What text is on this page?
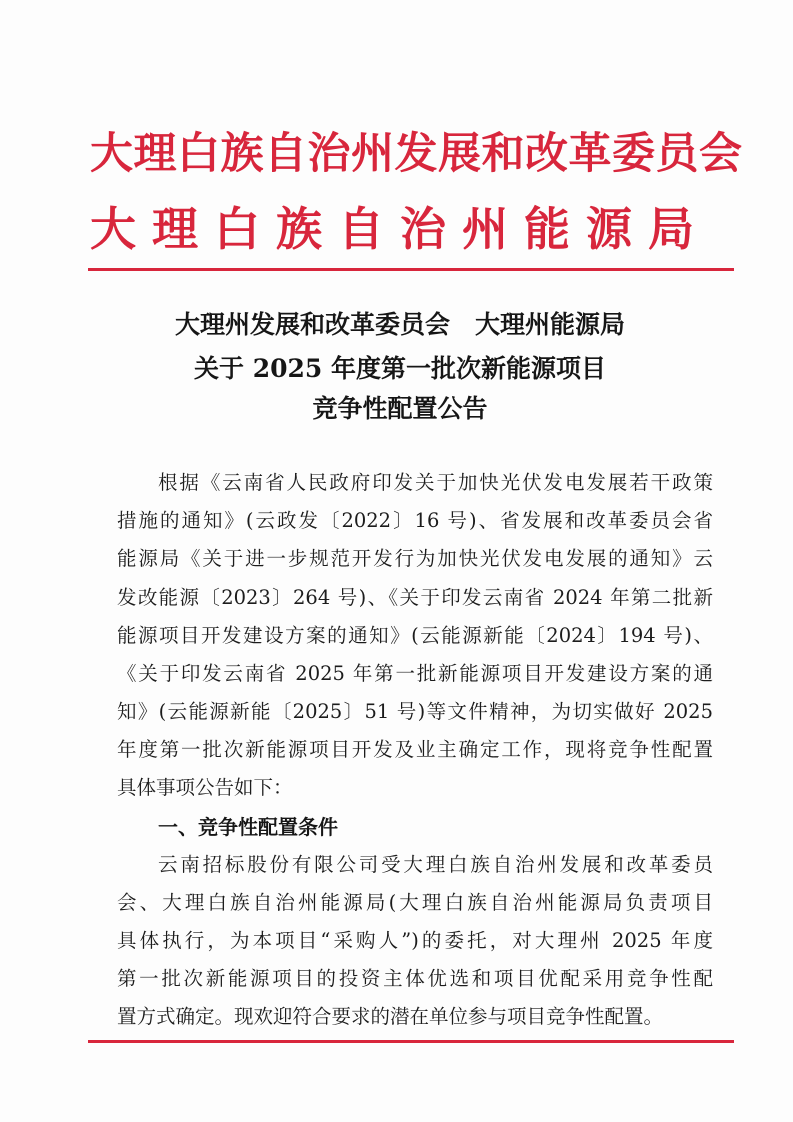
大理白族自治州发展和改革委员会
大理白族自治州能源局
大理州发展和改革委员会　大理州能源局
关于 2025 年度第一批次新能源项目
竞争性配置公告
根据《云南省人民政府印发关于加快光伏发电发展若干政策
措施的通知》(云政发〔2022〕16 号)、省发展和改革委员会省
能源局《关于进一步规范开发行为加快光伏发电发展的通知》云
发改能源〔2023〕264 号)、《关于印发云南省 2024 年第二批新
能源项目开发建设方案的通知》(云能源新能〔2024〕194 号)、
《关于印发云南省 2025 年第一批新能源项目开发建设方案的通
知》(云能源新能〔2025〕51 号)等文件精神，为切实做好 2025
年度第一批次新能源项目开发及业主确定工作，现将竞争性配置
具体事项公告如下：
一、竞争性配置条件
云南招标股份有限公司受大理白族自治州发展和改革委员
会、大理白族自治州能源局(大理白族自治州能源局负责项目
具体执行，为本项目“采购人”)的委托，对大理州 2025 年度
第一批次新能源项目的投资主体优选和项目优配采用竞争性配
置方式确定。现欢迎符合要求的潜在单位参与项目竞争性配置。
